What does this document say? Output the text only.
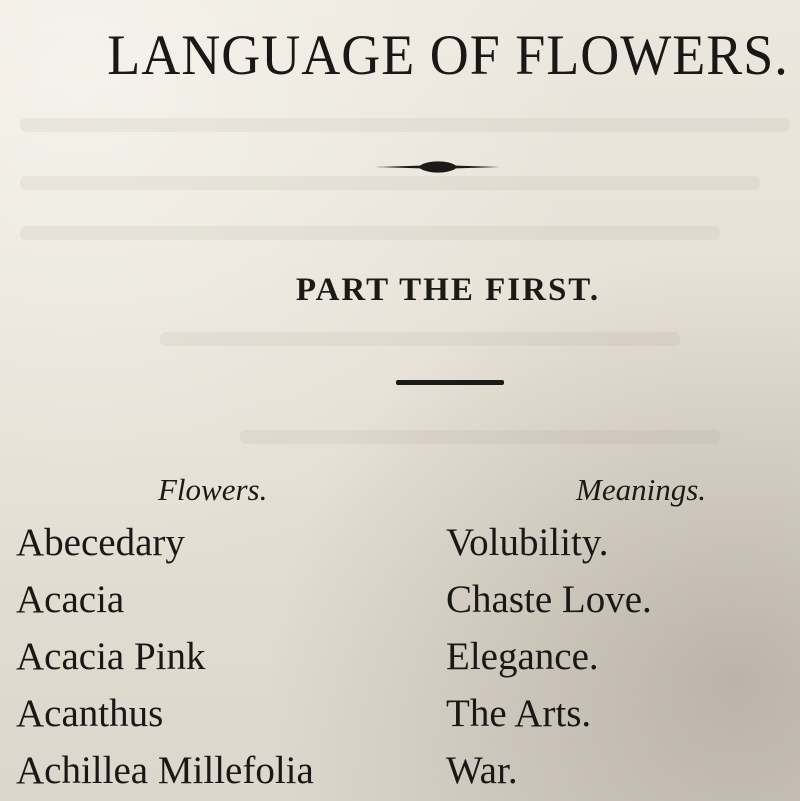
LANGUAGE OF FLOWERS.
PART THE FIRST.
Flowers.	Meanings.
Abecedary	Volubility.
Acacia	Chaste Love.
Acacia Pink	Elegance.
Acanthus	The Arts.
Achillea Millefolia	War.
